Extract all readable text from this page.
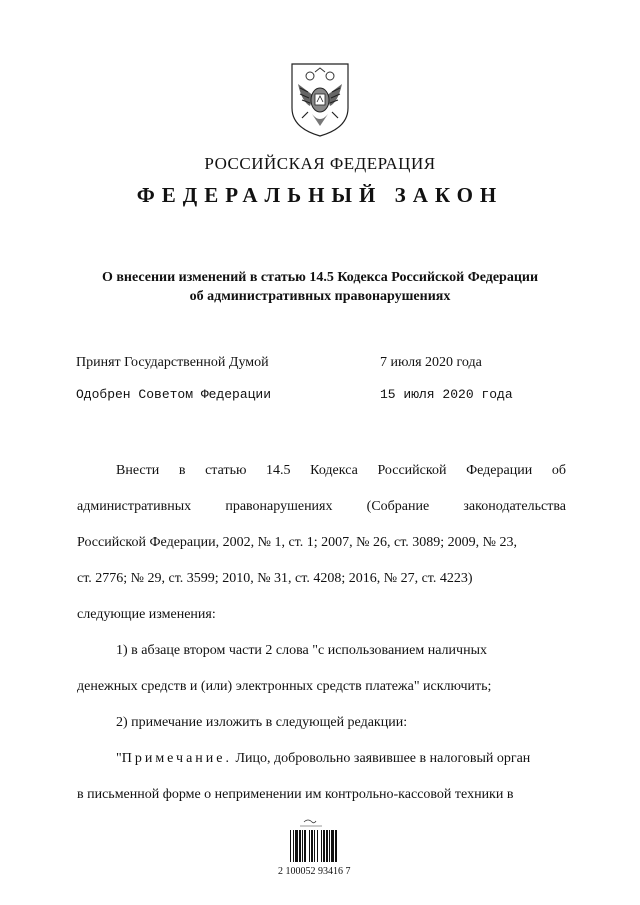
РОССИЙСКАЯ ФЕДЕРАЦИЯ
ФЕДЕРАЛЬНЫЙ ЗАКОН
О внесении изменений в статью 14.5 Кодекса Российской Федерации
об административных правонарушениях
Принят Государственной Думой	7 июля 2020 года
Одобрен Советом Федерации	15 июля 2020 года
Внести в статью 14.5 Кодекса Российской Федерации об
административных правонарушениях (Собрание законодательства
Российской Федерации, 2002, № 1, ст. 1; 2007, № 26, ст. 3089; 2009, № 23,
ст. 2776; № 29, ст. 3599; 2010, № 31, ст. 4208; 2016, № 27, ст. 4223)
следующие изменения:
1) в абзаце втором части 2 слова "с использованием наличных
денежных средств и (или) электронных средств платежа" исключить;
2) примечание изложить в следующей редакции:
"Примечание. Лицо, добровольно заявившее в налоговый орган
в письменной форме о неприменении им контрольно-кассовой техники в
2 100052 93416 7
